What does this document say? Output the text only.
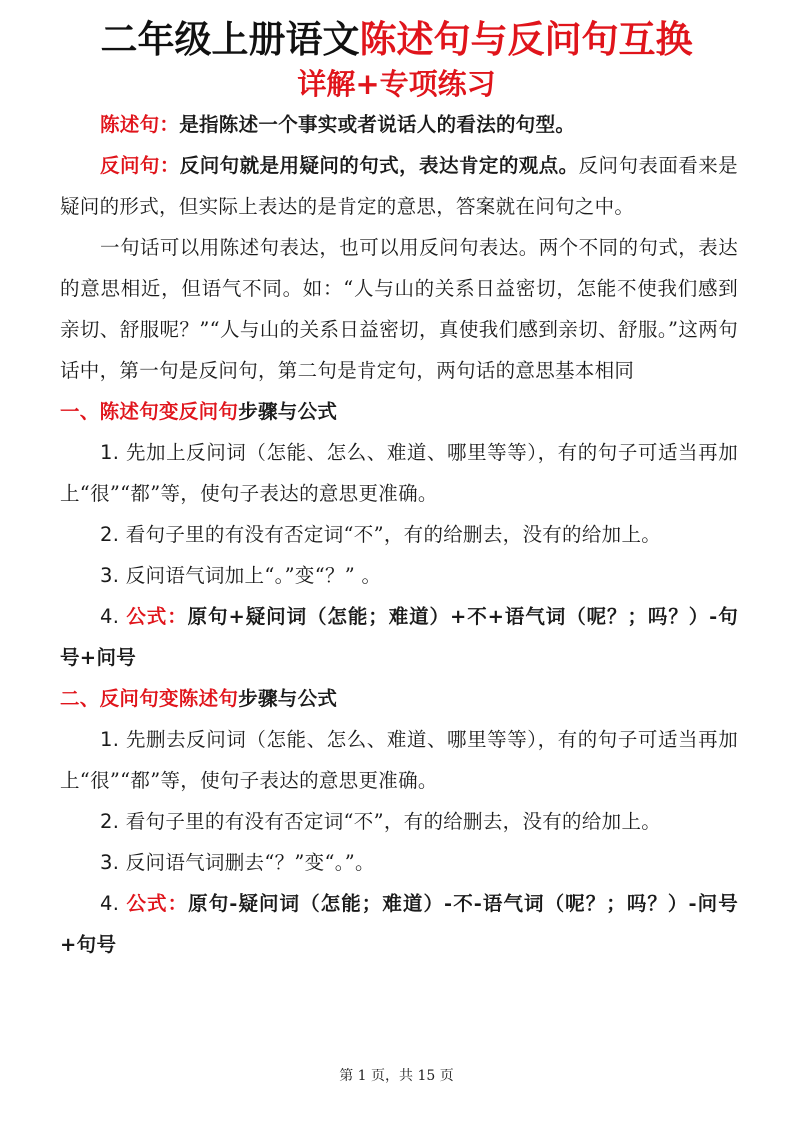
二年级上册语文陈述句与反问句互换
详解+专项练习

陈述句：是指陈述一个事实或者说话人的看法的句型。

反问句：反问句就是用疑问的句式，表达肯定的观点。反问句表面看来是疑问的形式，但实际上表达的是肯定的意思，答案就在问句之中。

一句话可以用陈述句表达，也可以用反问句表达。两个不同的句式，表达的意思相近，但语气不同。如：“人与山的关系日益密切，怎能不使我们感到亲切、舒服呢？”“人与山的关系日益密切，真使我们感到亲切、舒服。”这两句话中，第一句是反问句，第二句是肯定句，两句话的意思基本相同

一、陈述句变反问句步骤与公式

1. 先加上反问词（怎能、怎么、难道、哪里等等），有的句子可适当再加上“很”“都”等，使句子表达的意思更准确。

2. 看句子里的有没有否定词“不”，有的给删去，没有的给加上。

3. 反问语气词加上“。”变“？” 。

4. 公式：原句+疑问词（怎能；难道）+不+语气词（呢？；吗？）-句号+问号

二、反问句变陈述句步骤与公式

1. 先删去反问词（怎能、怎么、难道、哪里等等），有的句子可适当再加上“很”“都”等，使句子表达的意思更准确。

2. 看句子里的有没有否定词“不”，有的给删去，没有的给加上。

3. 反问语气词删去“？”变“。”。

4. 公式：原句-疑问词（怎能；难道）-不-语气词（呢？；吗？）-问号+句号

第 1 页，共 15 页
